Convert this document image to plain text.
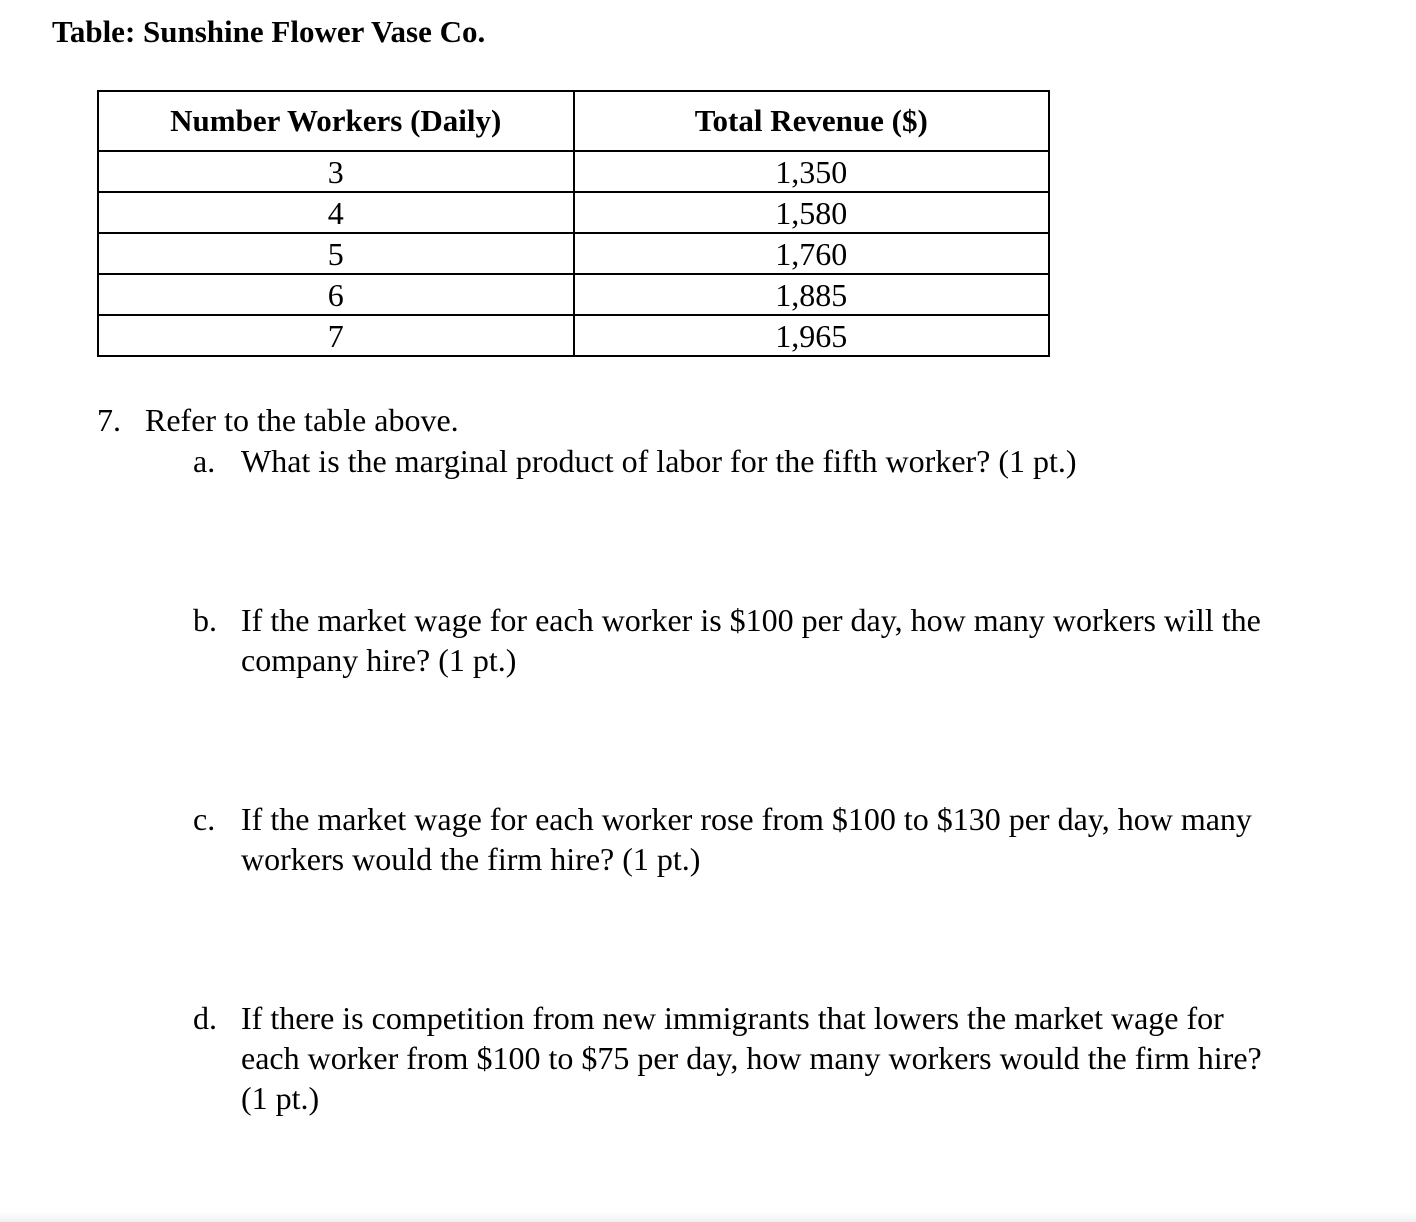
Table: Sunshine Flower Vase Co.
Number Workers (Daily)	Total Revenue ($)
3	1,350
4	1,580
5	1,760
6	1,885
7	1,965
7. Refer to the table above.
a. What is the marginal product of labor for the fifth worker? (1 pt.)
b. If the market wage for each worker is $100 per day, how many workers will the company hire? (1 pt.)
c. If the market wage for each worker rose from $100 to $130 per day, how many workers would the firm hire? (1 pt.)
d. If there is competition from new immigrants that lowers the market wage for each worker from $100 to $75 per day, how many workers would the firm hire? (1 pt.)
